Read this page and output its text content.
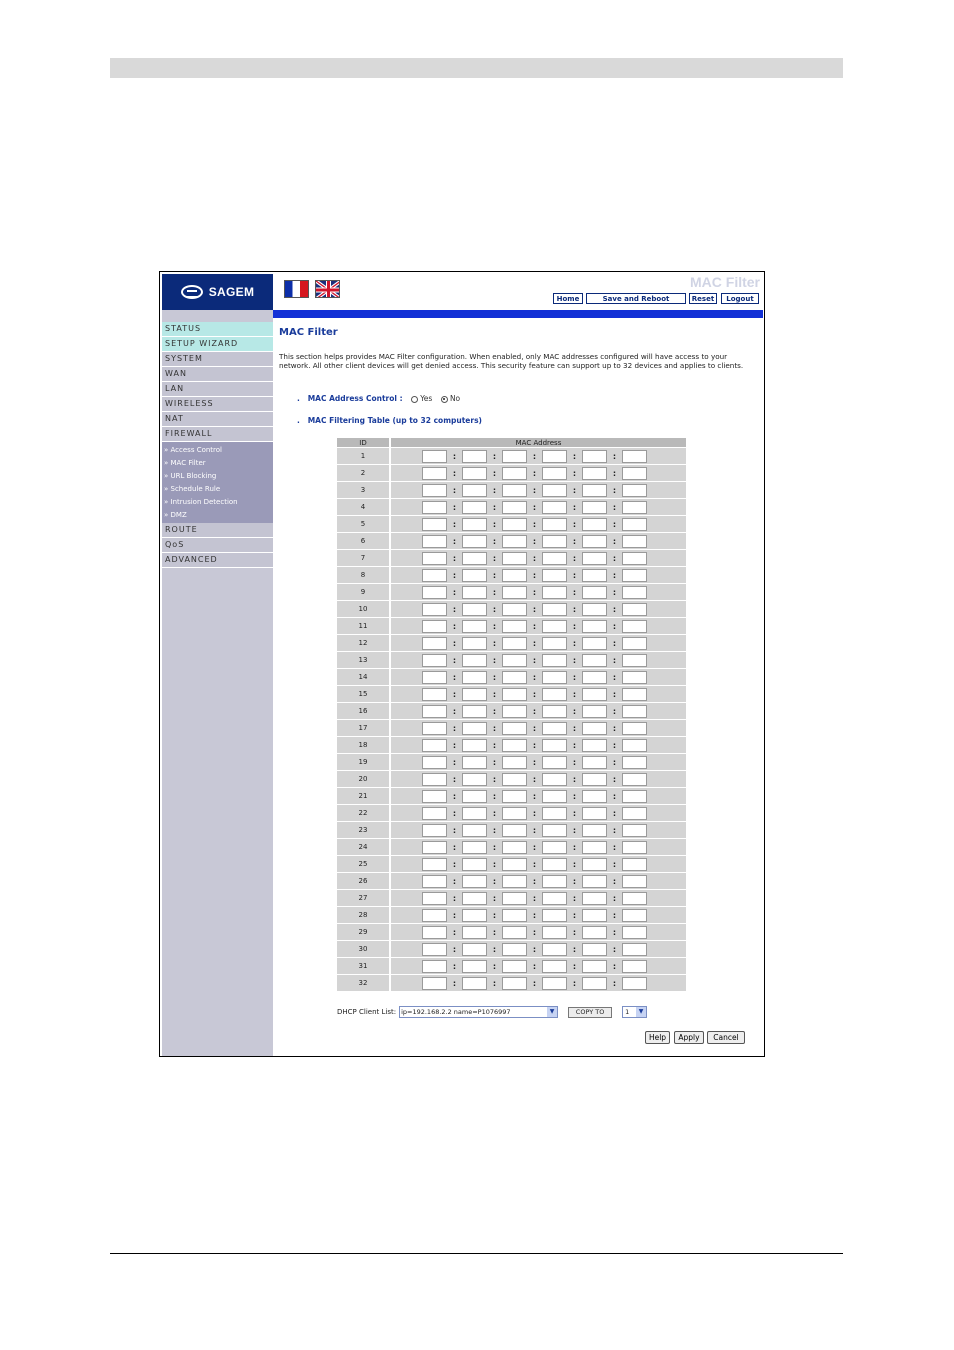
SAGEM
MAC Filter
Home	Save and Reboot	Reset	Logout
STATUS
SETUP WIZARD
SYSTEM
WAN
LAN
WIRELESS
NAT
FIREWALL
» Access Control
» MAC Filter
» URL Blocking
» Schedule Rule
» Intrusion Detection
» DMZ
ROUTE
QoS
ADVANCED
MAC Filter
This section helps provides MAC Filter configuration. When enabled, only MAC addresses configured will have access to your network. All other client devices will get denied access. This security feature can support up to 32 devices and applies to clients.
.   MAC Address Control : Yes No
.   MAC Filtering Table (up to 32 computers)
ID	MAC Address
1	: : : : :

2	: : : : :

3	: : : : :

4	: : : : :

5	: : : : :

6	: : : : :

7	: : : : :

8	: : : : :

9	: : : : :

10	: : : : :

11	: : : : :

12	: : : : :

13	: : : : :

14	: : : : :

15	: : : : :

16	: : : : :

17	: : : : :

18	: : : : :

19	: : : : :

20	: : : : :

21	: : : : :

22	: : : : :

23	: : : : :

24	: : : : :

25	: : : : :

26	: : : : :

27	: : : : :

28	: : : : :

29	: : : : :

30	: : : : :

31	: : : : :

32	: : : : :
DHCP Client List: ip=192.168.2.2 name=P1076997	▼	COPY TO	1	▼
Help	Apply	Cancel
